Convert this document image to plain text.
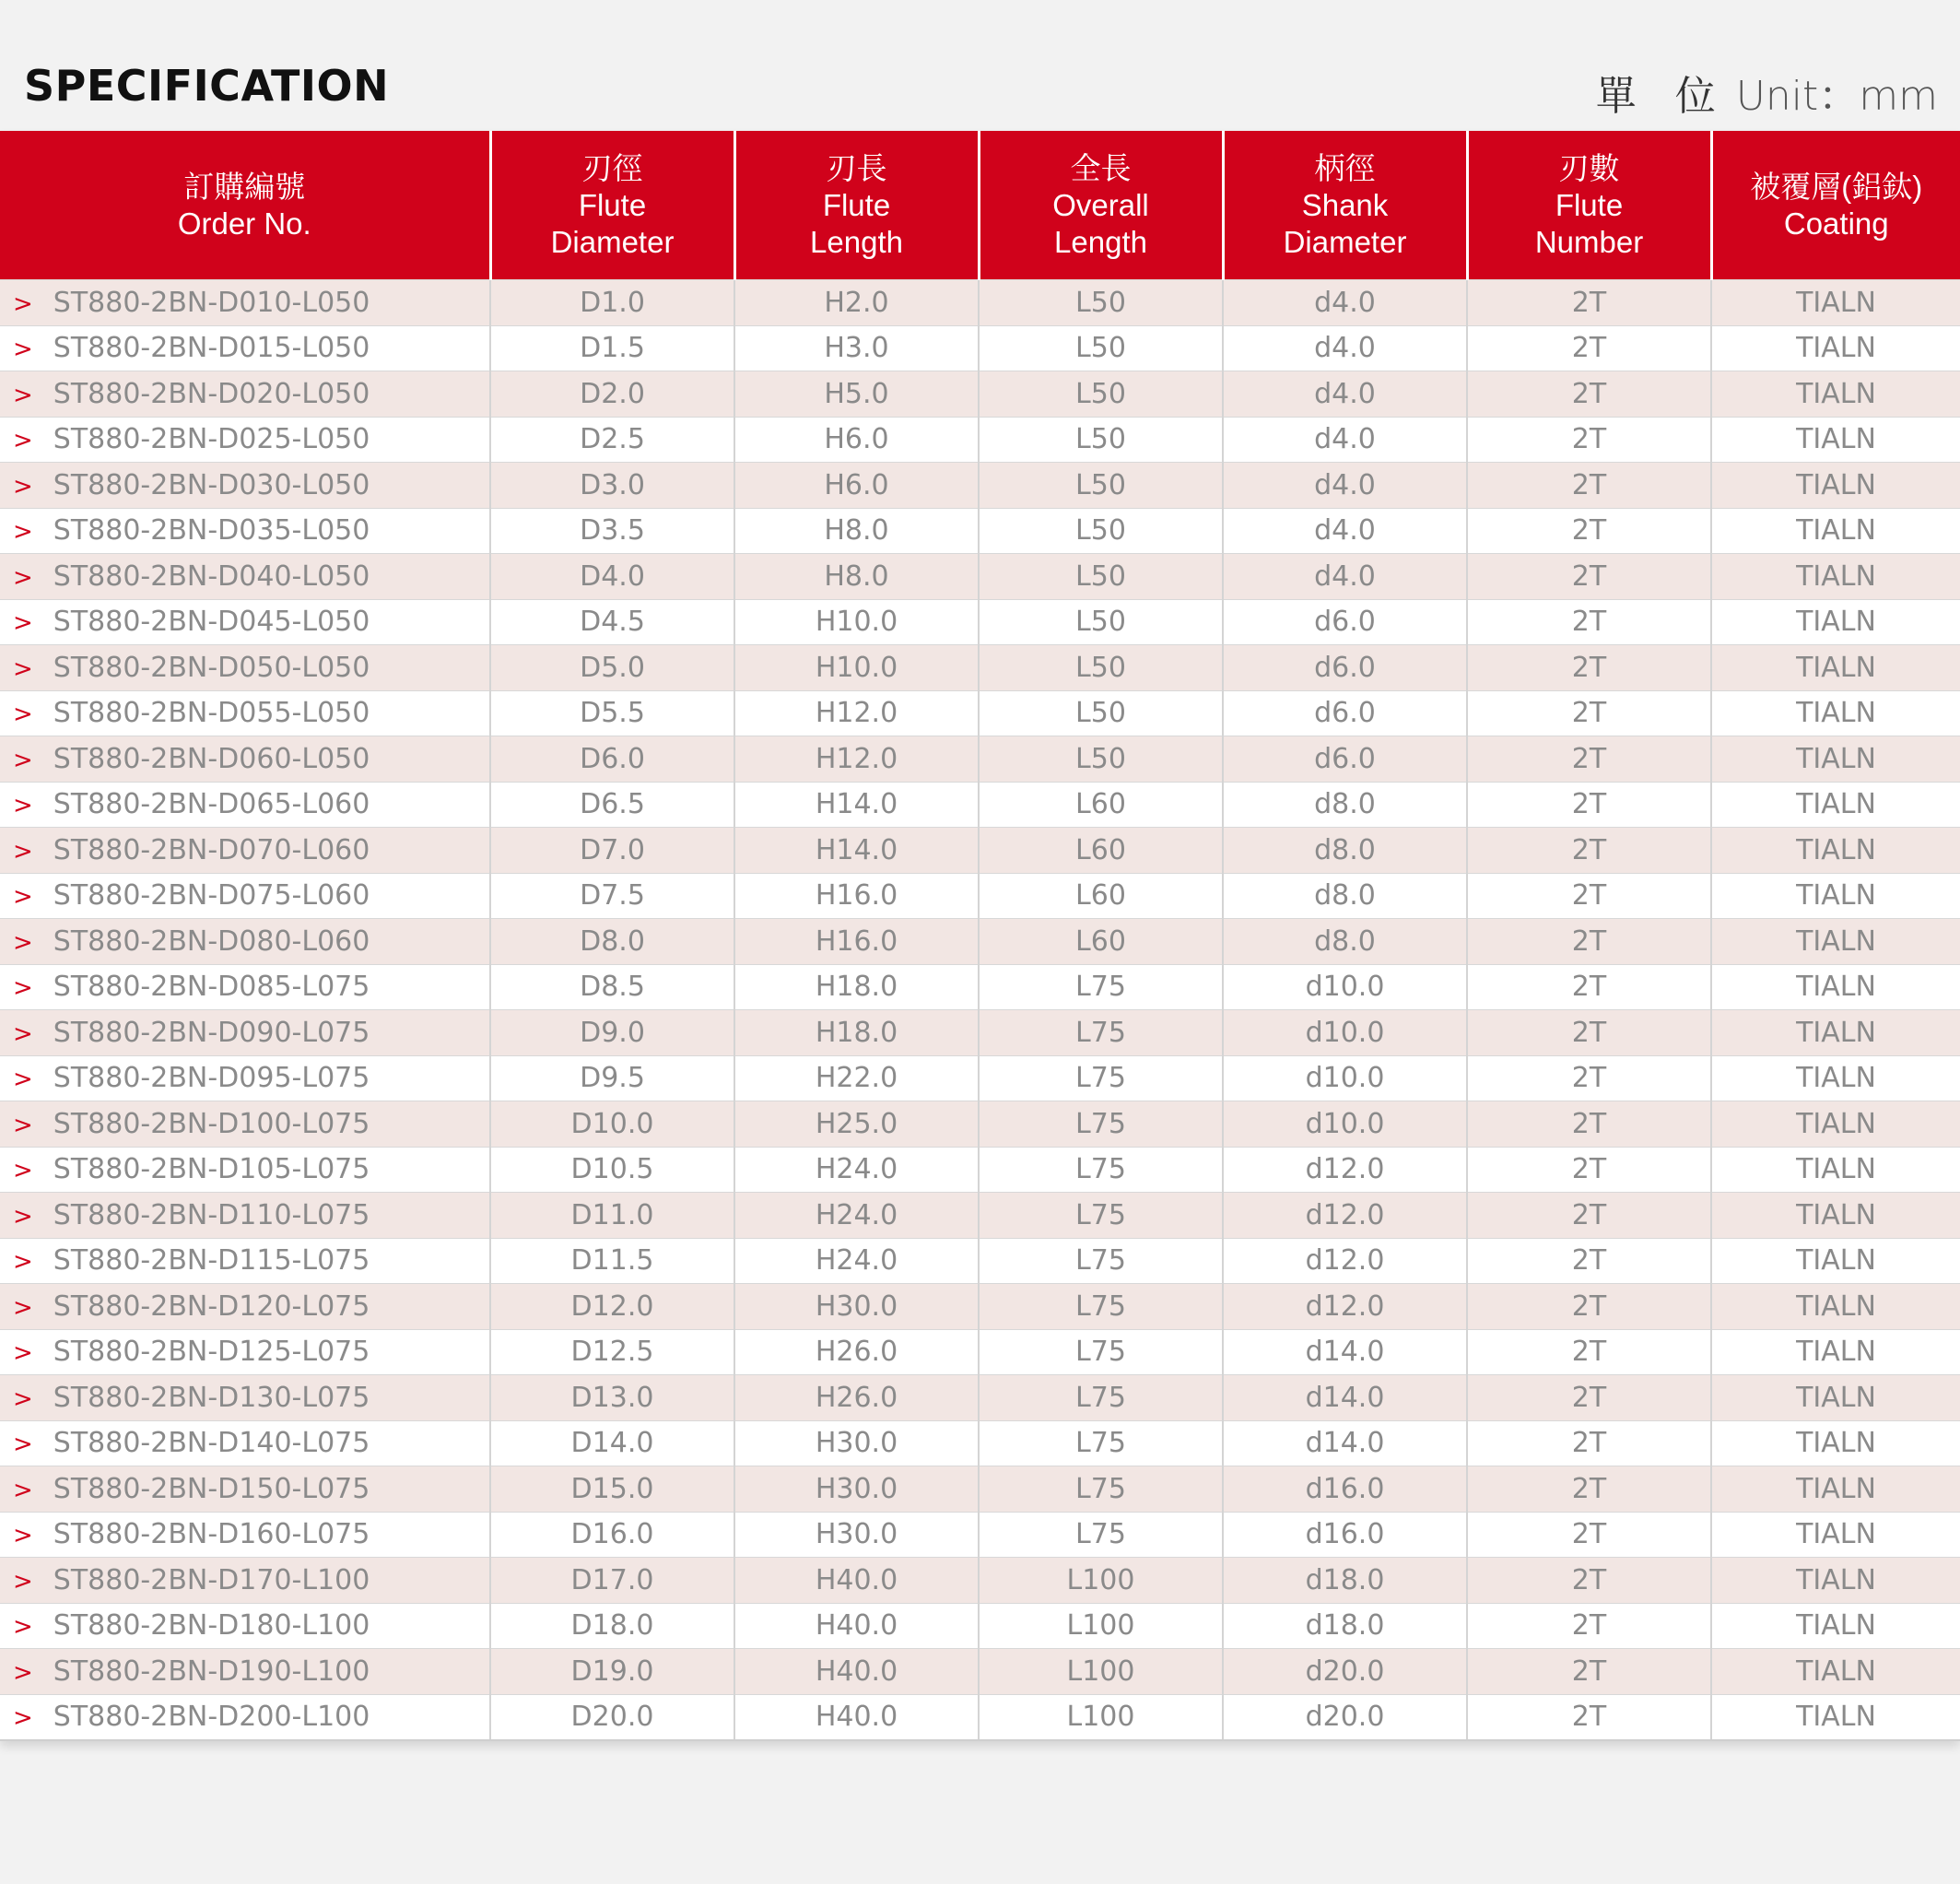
SPECIFICATION	單 位 Unit：mm
訂購編號
Order No.	刃徑
Flute
Diameter	刃長
Flute
Length	全長
Overall
Length	柄徑
Shank
Diameter	刃數
Flute
Number	被覆層(鋁鈦)
Coating

> ST880-2BN-D010-L050	D1.0	H2.0	L50	d4.0	2T	TIALN
> ST880-2BN-D015-L050	D1.5	H3.0	L50	d4.0	2T	TIALN
> ST880-2BN-D020-L050	D2.0	H5.0	L50	d4.0	2T	TIALN
> ST880-2BN-D025-L050	D2.5	H6.0	L50	d4.0	2T	TIALN
> ST880-2BN-D030-L050	D3.0	H6.0	L50	d4.0	2T	TIALN
> ST880-2BN-D035-L050	D3.5	H8.0	L50	d4.0	2T	TIALN
> ST880-2BN-D040-L050	D4.0	H8.0	L50	d4.0	2T	TIALN
> ST880-2BN-D045-L050	D4.5	H10.0	L50	d6.0	2T	TIALN
> ST880-2BN-D050-L050	D5.0	H10.0	L50	d6.0	2T	TIALN
> ST880-2BN-D055-L050	D5.5	H12.0	L50	d6.0	2T	TIALN
> ST880-2BN-D060-L050	D6.0	H12.0	L50	d6.0	2T	TIALN
> ST880-2BN-D065-L060	D6.5	H14.0	L60	d8.0	2T	TIALN
> ST880-2BN-D070-L060	D7.0	H14.0	L60	d8.0	2T	TIALN
> ST880-2BN-D075-L060	D7.5	H16.0	L60	d8.0	2T	TIALN
> ST880-2BN-D080-L060	D8.0	H16.0	L60	d8.0	2T	TIALN
> ST880-2BN-D085-L075	D8.5	H18.0	L75	d10.0	2T	TIALN
> ST880-2BN-D090-L075	D9.0	H18.0	L75	d10.0	2T	TIALN
> ST880-2BN-D095-L075	D9.5	H22.0	L75	d10.0	2T	TIALN
> ST880-2BN-D100-L075	D10.0	H25.0	L75	d10.0	2T	TIALN
> ST880-2BN-D105-L075	D10.5	H24.0	L75	d12.0	2T	TIALN
> ST880-2BN-D110-L075	D11.0	H24.0	L75	d12.0	2T	TIALN
> ST880-2BN-D115-L075	D11.5	H24.0	L75	d12.0	2T	TIALN
> ST880-2BN-D120-L075	D12.0	H30.0	L75	d12.0	2T	TIALN
> ST880-2BN-D125-L075	D12.5	H26.0	L75	d14.0	2T	TIALN
> ST880-2BN-D130-L075	D13.0	H26.0	L75	d14.0	2T	TIALN
> ST880-2BN-D140-L075	D14.0	H30.0	L75	d14.0	2T	TIALN
> ST880-2BN-D150-L075	D15.0	H30.0	L75	d16.0	2T	TIALN
> ST880-2BN-D160-L075	D16.0	H30.0	L75	d16.0	2T	TIALN
> ST880-2BN-D170-L100	D17.0	H40.0	L100	d18.0	2T	TIALN
> ST880-2BN-D180-L100	D18.0	H40.0	L100	d18.0	2T	TIALN
> ST880-2BN-D190-L100	D19.0	H40.0	L100	d20.0	2T	TIALN
> ST880-2BN-D200-L100	D20.0	H40.0	L100	d20.0	2T	TIALN
